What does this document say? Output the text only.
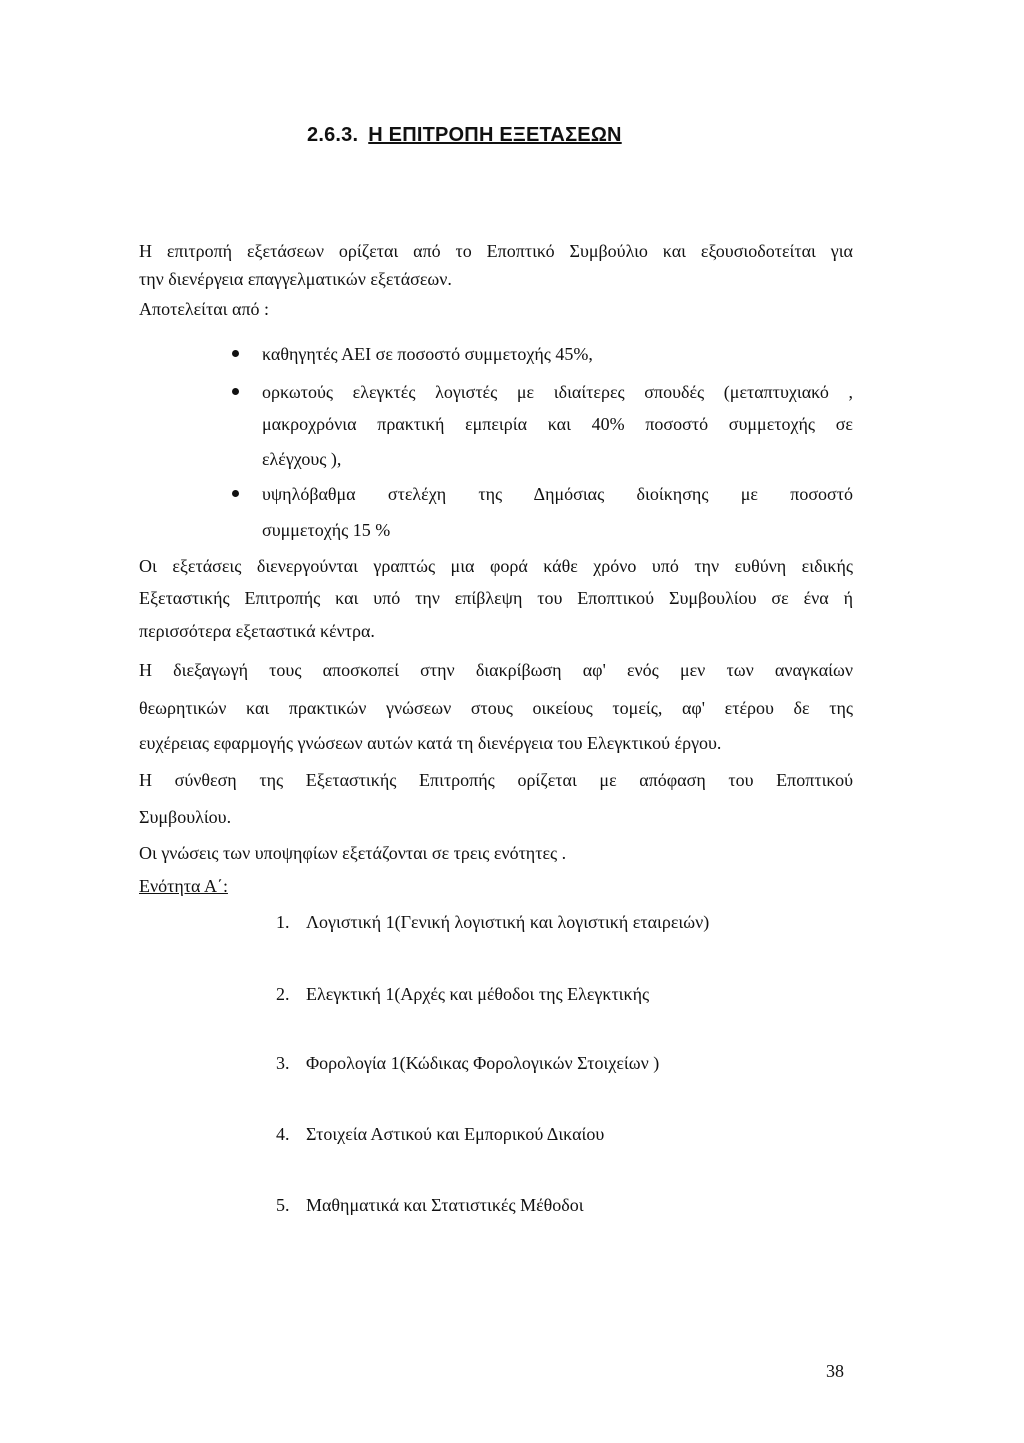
2.6.3. Η ΕΠΙΤΡΟΠΗ ΕΞΕΤΑΣΕΩΝ
Η επιτροπή εξετάσεων ορίζεται από το Εποπτικό Συμβούλιο και εξουσιοδοτείται για
την διενέργεια επαγγελματικών εξετάσεων.
Αποτελείται από :
καθηγητές ΑΕΙ σε ποσοστό συμμετοχής 45%,
ορκωτούς ελεγκτές λογιστές με ιδιαίτερες σπουδές (μεταπτυχιακό ,
μακροχρόνια πρακτική εμπειρία και 40% ποσοστό συμμετοχής σε
ελέγχους ),
υψηλόβαθμα στελέχη της Δημόσιας διοίκησης με ποσοστό
συμμετοχής 15 %
Οι εξετάσεις διενεργούνται γραπτώς μια φορά κάθε χρόνο υπό την ευθύνη ειδικής
Εξεταστικής Επιτροπής και υπό την επίβλεψη του Εποπτικού Συμβουλίου σε ένα ή
περισσότερα εξεταστικά κέντρα.
Η διεξαγωγή τους αποσκοπεί στην διακρίβωση αφ' ενός μεν των αναγκαίων
θεωρητικών και πρακτικών γνώσεων στους οικείους τομείς, αφ' ετέρου δε της
ευχέρειας εφαρμογής γνώσεων αυτών κατά τη διενέργεια του Ελεγκτικού έργου.
Η σύνθεση της Εξεταστικής Επιτροπής ορίζεται με απόφαση του Εποπτικού
Συμβουλίου.
Οι γνώσεις των υποψηφίων εξετάζονται σε τρεις ενότητες .
Ενότητα Α΄:
1. Λογιστική 1(Γενική λογιστική και λογιστική εταιρειών)
2. Ελεγκτική 1(Αρχές και μέθοδοι της Ελεγκτικής
3. Φορολογία 1(Κώδικας Φορολογικών Στοιχείων )
4. Στοιχεία Αστικού και Εμπορικού Δικαίου
5. Μαθηματικά και Στατιστικές Μέθοδοι
38
